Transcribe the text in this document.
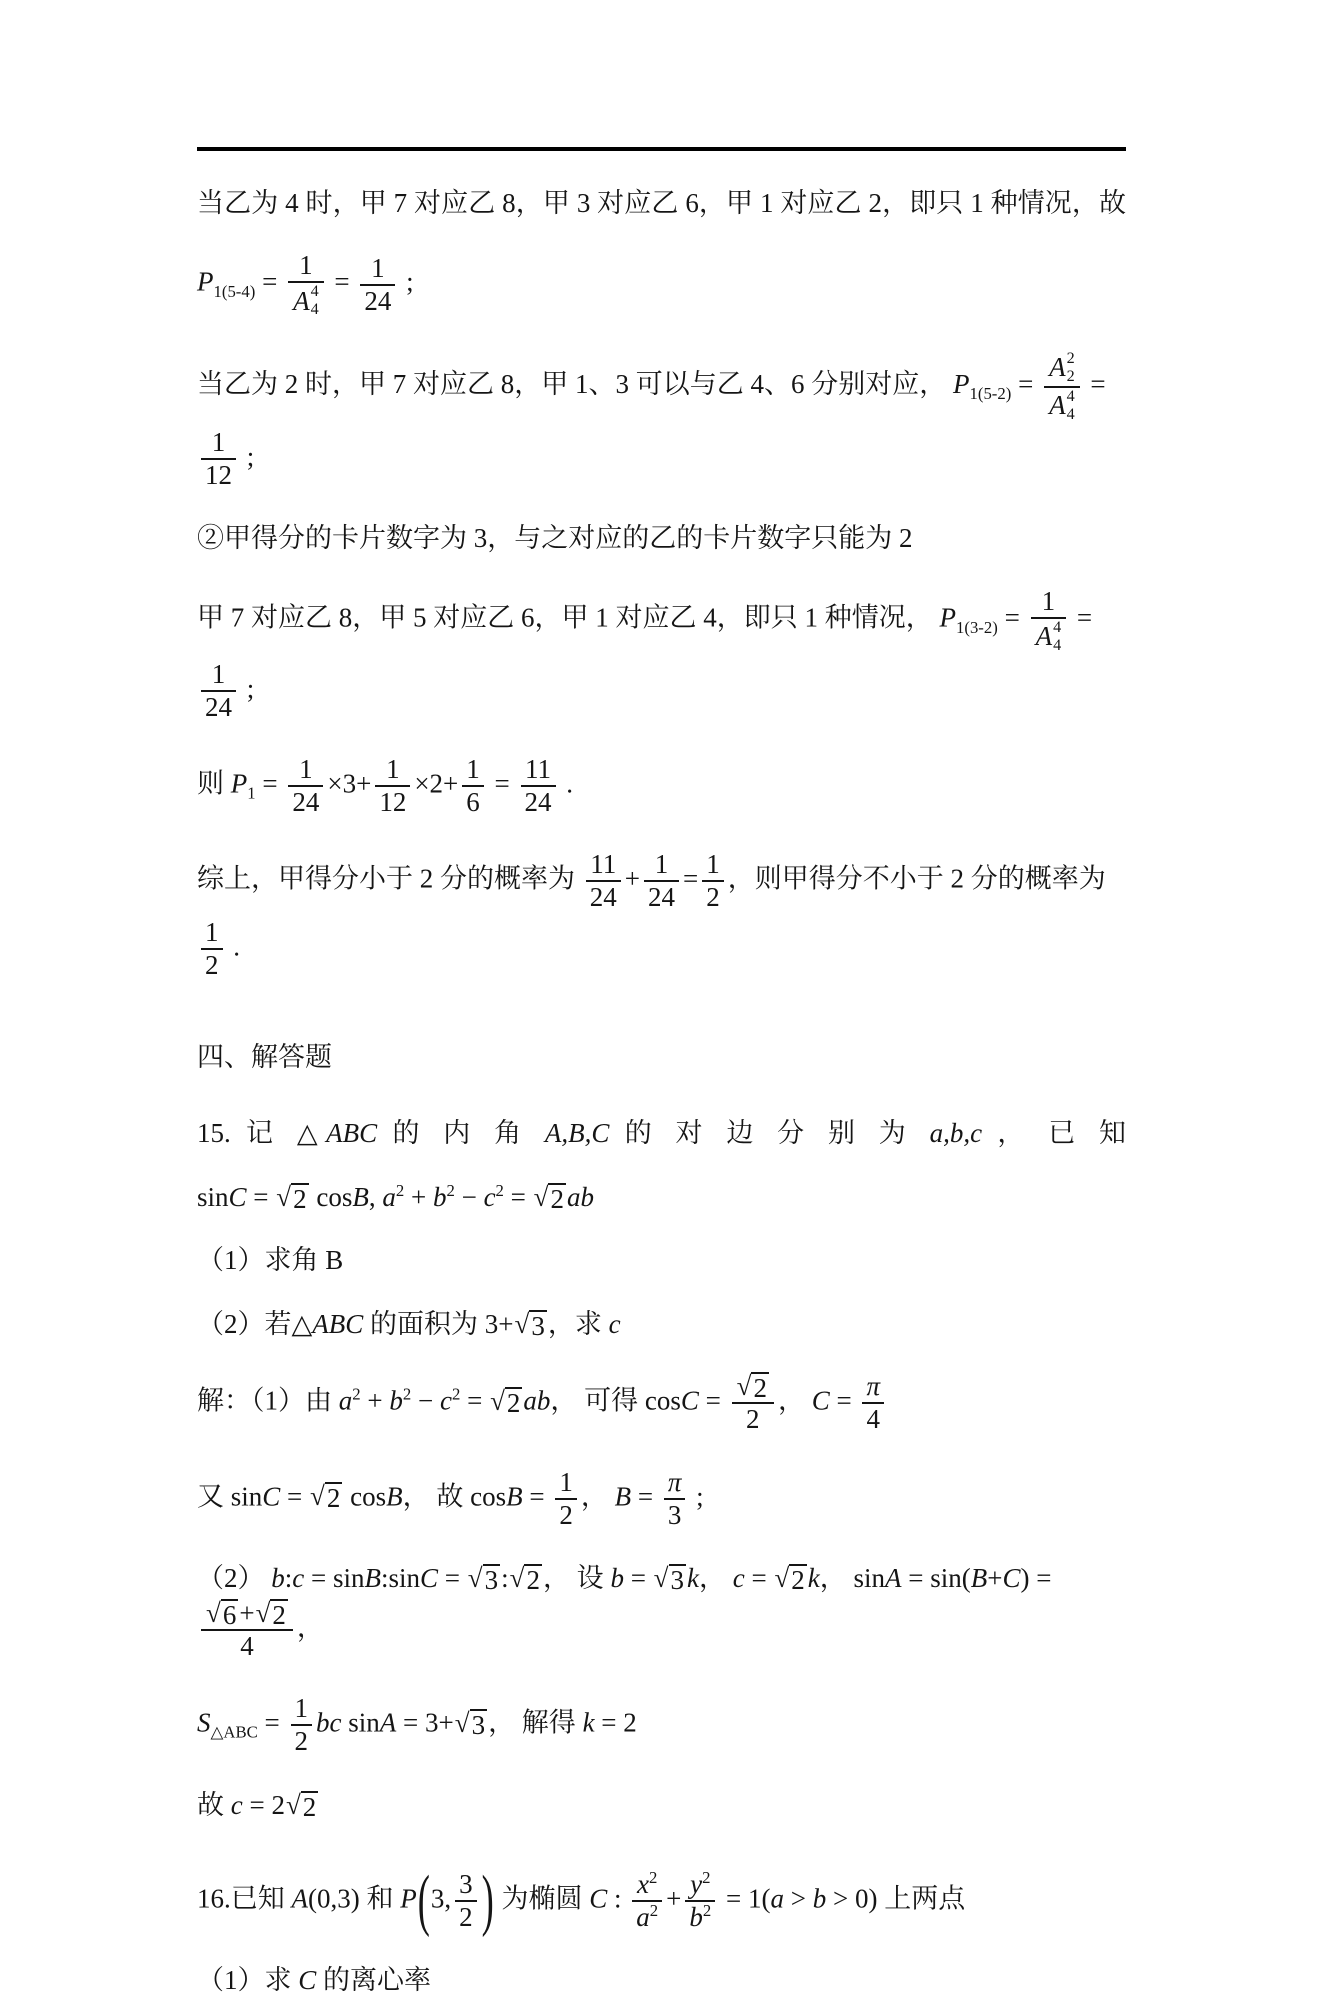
当乙为 4 时，甲 7 对应乙 8，甲 3 对应乙 6，甲 1 对应乙 2，即只 1 种情况，故
$P_{1(5-4)} = 1$
A 4
$4 = \frac{1}{24}$ ;
当乙为 2 时，甲 7 对应乙 8，甲 1、3 可以与乙 4、6 分别对应， $P_{1(5-2)} = A$ 2
2
A 4
4 =
$\frac{1}{12}$ ;
②甲得分的卡片数字为 3，与之对应的乙的卡片数字只能为 2
甲 7 对应乙 8，甲 5 对应乙 6，甲 1 对应乙 4，即只 1 种情况， $P_{1(3-2)} = 1$
A 4
4 =
$\frac{1}{24}$ ;
则 $P_1 = \frac{1}{24} \times 3+ \frac{1}{12} \times 2+ \frac{1}{6} = \frac{11}{24}$ .
综上，甲得分小于 2 分的概率为 $\frac{11}{24} + \frac{1}{24} = \frac{1}{2}$ ，则甲得分不小于 2 分的概率为
$\frac{1}{2}$ .
四、解答题
15. 记 △ABC 的 内 角 A,B,C 的 对 边 分 别 为 a,b,c ， 已 知
sinC = √ 2 cosB, $a^2 + b^2 - c^2$ = √ 2 ab
（1）求角 B
（2）若△ABC 的面积为 3+ √ 3 ，求 c
解：（1）由 $a^2 + b^2 - c^2$ = √ 2 ab， 可得 $\cos C = \frac{√ 2}{2}$ ， $C = \frac{\pi}{4}$
又 sinC = √ 2 cosB， 故 $\cos B = \frac{1}{2}$ ， $B = \frac{\pi}{3}$ ;
（2） b:c = sinB:sinC = √ 3 : √ 2 ， 设 b = √ 3 k， c = √ 2 k， sinA = sin(B+C) =
$\frac{√ 6 + √ 2}{4}$ ，
$S_{\triangle ABC} = \frac{1}{2}$ bc sinA = 3+ √ 3 ， 解得 k = 2
故 c = 2 √ 2
16.已知 A(0,3) 和 P(3, $\frac{3}{2}$ ) 为椭圆 C : $\frac{x^2}{a^2} + \frac{y^2}{b^2} = 1(a > b > 0)$ 上两点
（1）求 C 的离心率
